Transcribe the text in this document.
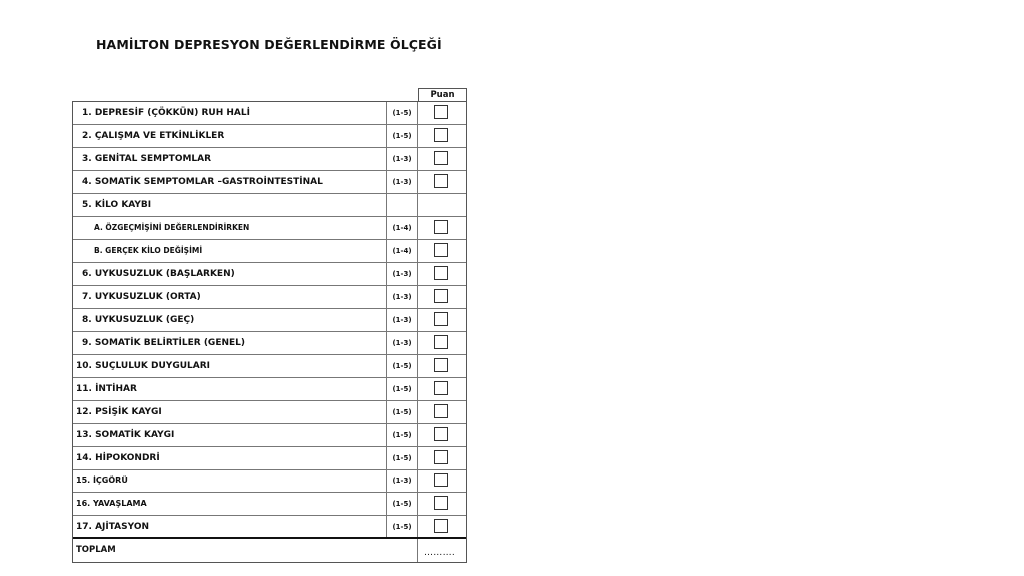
HAMİLTON DEPRESYON DEĞERLENDİRME ÖLÇEĞİ
Puan
1. DEPRESİF (ÇÖKKÜN) RUH HALİ	(1-5)
2. ÇALIŞMA VE ETKİNLİKLER	(1-5)
3. GENİTAL SEMPTOMLAR	(1-3)
4. SOMATİK SEMPTOMLAR –GASTROİNTESTİNAL	(1-3)
5. KİLO KAYBI
A. ÖZGEÇMİŞİNİ DEĞERLENDİRİRKEN	(1-4)
B. GERÇEK KİLO DEĞİŞİMİ	(1-4)
6. UYKUSUZLUK (BAŞLARKEN)	(1-3)
7. UYKUSUZLUK (ORTA)	(1-3)
8. UYKUSUZLUK (GEÇ)	(1-3)
9. SOMATİK BELİRTİLER (GENEL)	(1-3)
10. SUÇLULUK DUYGULARI	(1-5)
11. İNTİHAR	(1-5)
12. PSİŞİK KAYGI	(1-5)
13. SOMATİK KAYGI	(1-5)
14. HİPOKONDRİ	(1-5)
15. İÇGÖRÜ	(1-3)
16. YAVAŞLAMA	(1-5)
17. AJİTASYON	(1-5)
TOPLAM	……….
